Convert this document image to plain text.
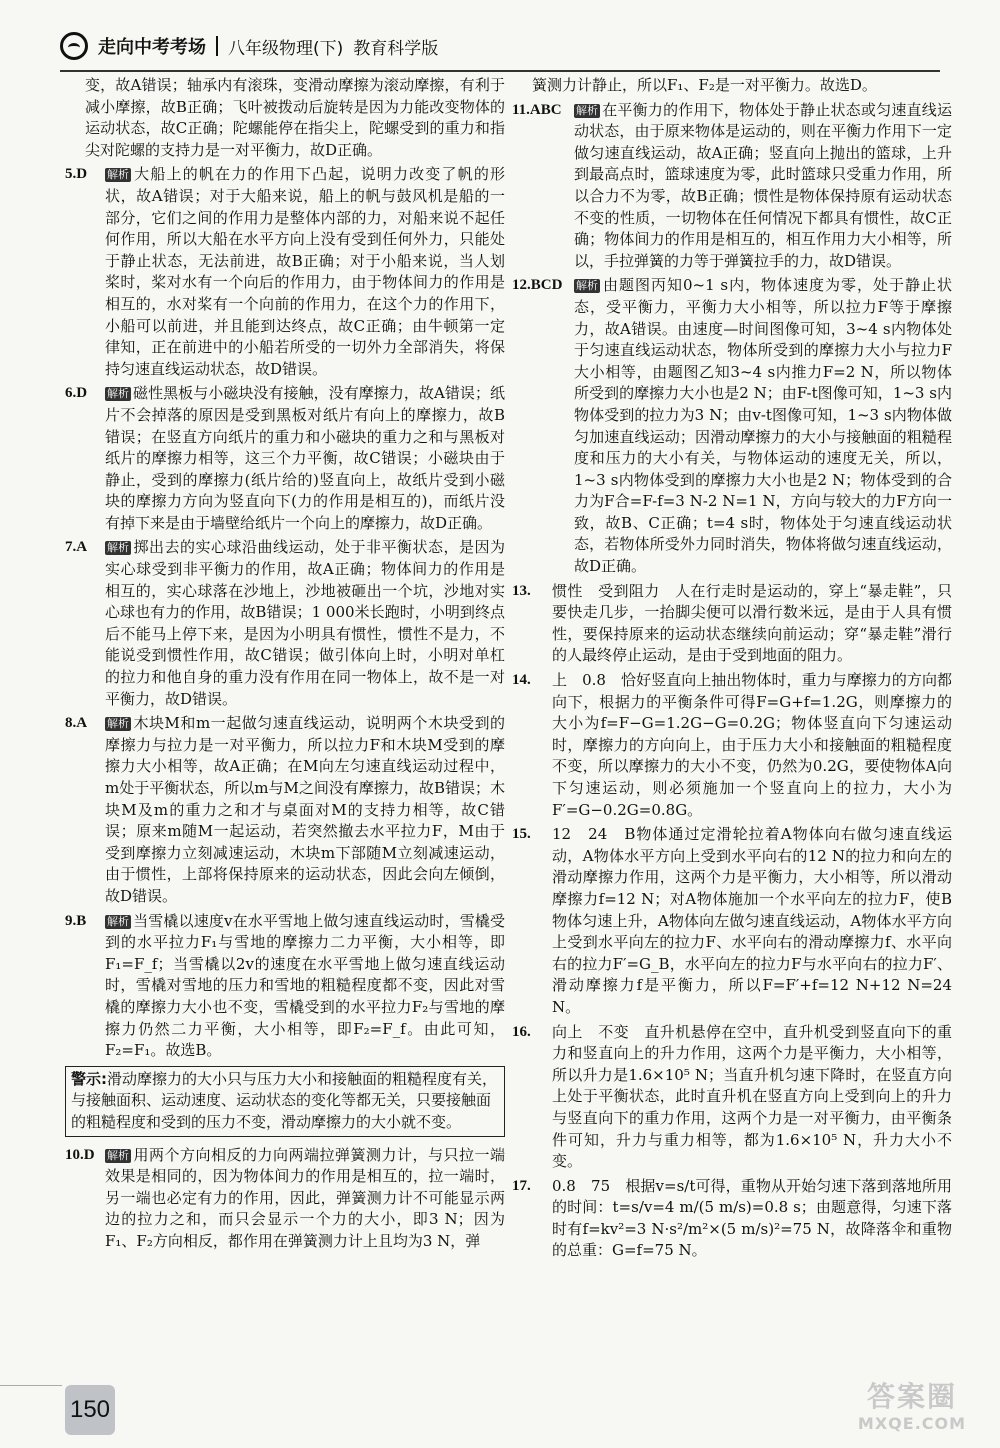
走向中考考场 八年级物理(下) 教育科学版
变，故A错误；轴承内有滚珠，变滑动摩擦为滚动摩擦，有利于减小摩擦，故B正确；飞叶被拨动后旋转是因为力能改变物体的运动状态，故C正确；陀螺能停在指尖上，陀螺受到的重力和指尖对陀螺的支持力是一对平衡力，故D正确。
5.D 解析 大船上的帆在力的作用下凸起，说明力改变了帆的形状，故A错误；对于大船来说，船上的帆与鼓风机是船的一部分，它们之间的作用力是整体内部的力，对船来说不起任何作用，所以大船在水平方向上没有受到任何外力，只能处于静止状态，无法前进，故B正确；对于小船来说，当人划桨时，桨对水有一个向后的作用力，由于物体间力的作用是相互的，水对桨有一个向前的作用力，在这个力的作用下，小船可以前进，并且能到达终点，故C正确；由牛顿第一定律知，正在前进中的小船若所受的一切外力全部消失，将保持匀速直线运动状态，故D错误。
6.D 解析 磁性黑板与小磁块没有接触，没有摩擦力，故A错误；纸片不会掉落的原因是受到黑板对纸片有向上的摩擦力，故B错误；在竖直方向纸片的重力和小磁块的重力之和与黑板对纸片的摩擦力相等，这三个力平衡，故C错误；小磁块由于静止，受到的摩擦力(纸片给的)竖直向上，故纸片受到小磁块的摩擦力方向为竖直向下(力的作用是相互的)，而纸片没有掉下来是由于墙壁给纸片一个向上的摩擦力，故D正确。
7.A 解析 掷出去的实心球沿曲线运动，处于非平衡状态，是因为实心球受到非平衡力的作用，故A正确；物体间力的作用是相互的，实心球落在沙地上，沙地被砸出一个坑，沙地对实心球也有力的作用，故B错误；1 000米长跑时，小明到终点后不能马上停下来，是因为小明具有惯性，惯性不是力，不能说受到惯性作用，故C错误；做引体向上时，小明对单杠的拉力和他自身的重力没有作用在同一物体上，故不是一对平衡力，故D错误。
8.A 解析 木块M和m一起做匀速直线运动，说明两个木块受到的摩擦力与拉力是一对平衡力，所以拉力F和木块M受到的摩擦力大小相等，故A正确；在M向左匀速直线运动过程中，m处于平衡状态，所以m与M之间没有摩擦力，故B错误；木块M及m的重力之和才与桌面对M的支持力相等，故C错误；原来m随M一起运动，若突然撤去水平拉力F，M由于受到摩擦力立刻减速运动，木块m下部随M立刻减速运动，由于惯性，上部将保持原来的运动状态，因此会向左倾倒，故D错误。
9.B 解析 当雪橇以速度v在水平雪地上做匀速直线运动时，雪橇受到的水平拉力F₁与雪地的摩擦力二力平衡，大小相等，即F₁=F_f；当雪橇以2v的速度在水平雪地上做匀速直线运动时，雪橇对雪地的压力和雪地的粗糙程度都不变，因此对雪橇的摩擦力大小也不变，雪橇受到的水平拉力F₂与雪地的摩擦力仍然二力平衡，大小相等，即F₂=F_f。由此可知，F₂=F₁。故选B。
警示:滑动摩擦力的大小只与压力大小和接触面的粗糙程度有关，与接触面积、运动速度、运动状态的变化等都无关，只要接触面的粗糙程度和受到的压力不变，滑动摩擦力的大小就不变。
10.D 解析 用两个方向相反的力向两端拉弹簧测力计，与只拉一端效果是相同的，因为物体间力的作用是相互的，拉一端时，另一端也必定有力的作用，因此，弹簧测力计不可能显示两边的拉力之和，而只会显示一个力的大小，即3 N；因为F₁、F₂方向相反，都作用在弹簧测力计上且均为3 N，弹
簧测力计静止，所以F₁、F₂是一对平衡力。故选D。
11.ABC 解析 在平衡力的作用下，物体处于静止状态或匀速直线运动状态，由于原来物体是运动的，则在平衡力作用下一定做匀速直线运动，故A正确；竖直向上抛出的篮球，上升到最高点时，篮球速度为零，此时篮球只受重力作用，所以合力不为零，故B正确；惯性是物体保持原有运动状态不变的性质，一切物体在任何情况下都具有惯性，故C正确；物体间力的作用是相互的，相互作用力大小相等，所以，手拉弹簧的力等于弹簧拉手的力，故D错误。
12.BCD 解析 由题图丙知0~1 s内，物体速度为零，处于静止状态，受平衡力，平衡力大小相等，所以拉力F等于摩擦力，故A错误。由速度—时间图像可知，3~4 s内物体处于匀速直线运动状态，物体所受到的摩擦力大小与拉力F大小相等，由题图乙知3~4 s内推力F=2 N，所以物体所受到的摩擦力大小也是2 N；由F-t图像可知，1~3 s内物体受到的拉力为3 N；由v-t图像可知，1~3 s内物体做匀加速直线运动；因滑动摩擦力的大小与接触面的粗糙程度和压力的大小有关，与物体运动的速度无关，所以，1~3 s内物体受到的摩擦力大小也是2 N；物体受到的合力为F合=F-f=3 N-2 N=1 N，方向与较大的力F方向一致，故B、C正确；t=4 s时，物体处于匀速直线运动状态，若物体所受外力同时消失，物体将做匀速直线运动，故D正确。
13. 惯性　受到阻力　人在行走时是运动的，穿上“暴走鞋”，只要快走几步，一抬脚尖便可以滑行数米远，是由于人具有惯性，要保持原来的运动状态继续向前运动；穿“暴走鞋”滑行的人最终停止运动，是由于受到地面的阻力。
14. 上　0.8　恰好竖直向上抽出物体时，重力与摩擦力的方向都向下，根据力的平衡条件可得F=G+f=1.2G，则摩擦力的大小为f=F−G=1.2G−G=0.2G；物体竖直向下匀速运动时，摩擦力的方向向上，由于压力大小和接触面的粗糙程度不变，所以摩擦力的大小不变，仍然为0.2G，要使物体A向下匀速运动，则必须施加一个竖直向上的拉力，大小为F′=G−0.2G=0.8G。
15. 12　24　B物体通过定滑轮拉着A物体向右做匀速直线运动，A物体水平方向上受到水平向右的12 N的拉力和向左的滑动摩擦力作用，这两个力是平衡力，大小相等，所以滑动摩擦力f=12 N；对A物体施加一个水平向左的拉力F，使B物体匀速上升，A物体向左做匀速直线运动，A物体水平方向上受到水平向左的拉力F、水平向右的滑动摩擦力f、水平向右的拉力F′=G_B，水平向左的拉力F与水平向右的拉力F′、滑动摩擦力f是平衡力，所以F=F′+f=12 N+12 N=24 N。
16. 向上　不变　直升机悬停在空中，直升机受到竖直向下的重力和竖直向上的升力作用，这两个力是平衡力，大小相等，所以升力是1.6×10⁵ N；当直升机匀速下降时，在竖直方向上处于平衡状态，此时直升机在竖直方向上受到向上的升力与竖直向下的重力作用，这两个力是一对平衡力，由平衡条件可知，升力与重力相等，都为1.6×10⁵ N，升力大小不变。
17. 0.8　75　根据v=s/t可得，重物从开始匀速下落到落地所用的时间：t=s/v=4 m/(5 m/s)=0.8 s；由题意得，匀速下落时有f=kv²=3 N·s²/m²×(5 m/s)²=75 N，故降落伞和重物的总重：G=f=75 N。
150	答案圈
MXQE.COM
